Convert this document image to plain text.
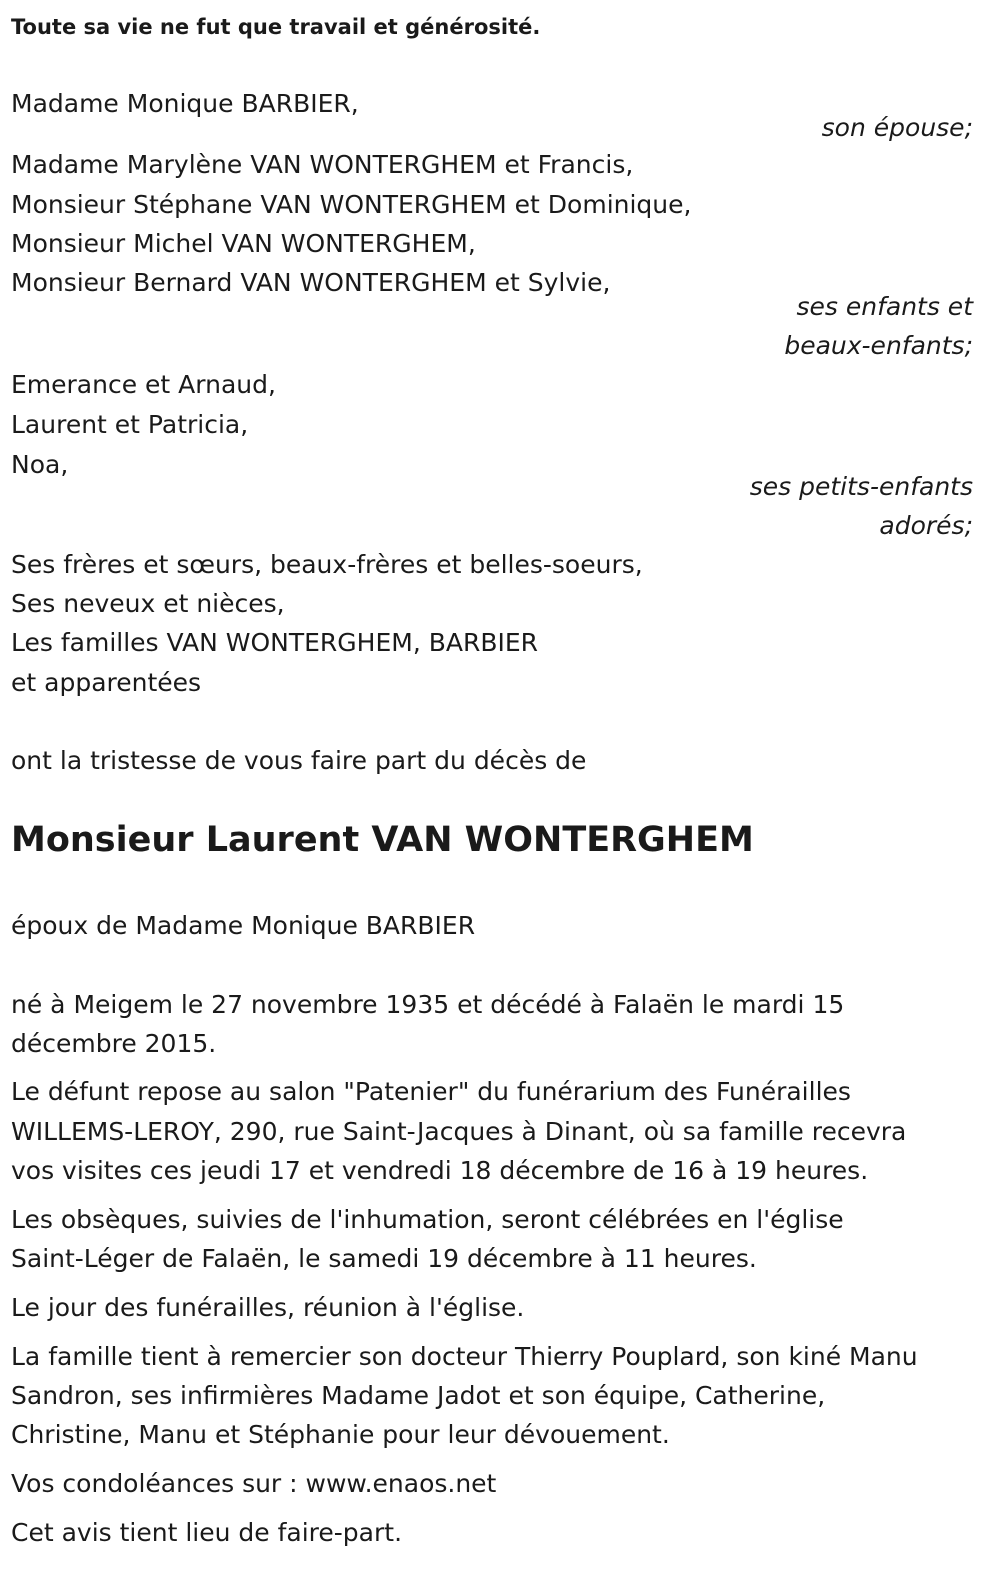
Toute sa vie ne fut que travail et générosité.
Madame Monique BARBIER,
son épouse;
Madame Marylène VAN WONTERGHEM et Francis,
Monsieur Stéphane VAN WONTERGHEM et Dominique,
Monsieur Michel VAN WONTERGHEM,
Monsieur Bernard VAN WONTERGHEM et Sylvie,
ses enfants et
beaux-enfants;
Emerance et Arnaud,
Laurent et Patricia,
Noa,
ses petits-enfants
adorés;
Ses frères et sœurs, beaux-frères et belles-soeurs,
Ses neveux et nièces,
Les familles VAN WONTERGHEM, BARBIER
et apparentées
ont la tristesse de vous faire part du décès de
Monsieur Laurent VAN WONTERGHEM
époux de Madame Monique BARBIER
né à Meigem le 27 novembre 1935 et décédé à Falaën le mardi 15
décembre 2015.
Le défunt repose au salon "Patenier" du funérarium des Funérailles
WILLEMS-LEROY, 290, rue Saint-Jacques à Dinant, où sa famille recevra
vos visites ces jeudi 17 et vendredi 18 décembre de 16 à 19 heures.
Les obsèques, suivies de l'inhumation, seront célébrées en l'église
Saint-Léger de Falaën, le samedi 19 décembre à 11 heures.
Le jour des funérailles, réunion à l'église.
La famille tient à remercier son docteur Thierry Pouplard, son kiné Manu
Sandron, ses infirmières Madame Jadot et son équipe, Catherine,
Christine, Manu et Stéphanie pour leur dévouement.
Vos condoléances sur : www.enaos.net
Cet avis tient lieu de faire-part.
